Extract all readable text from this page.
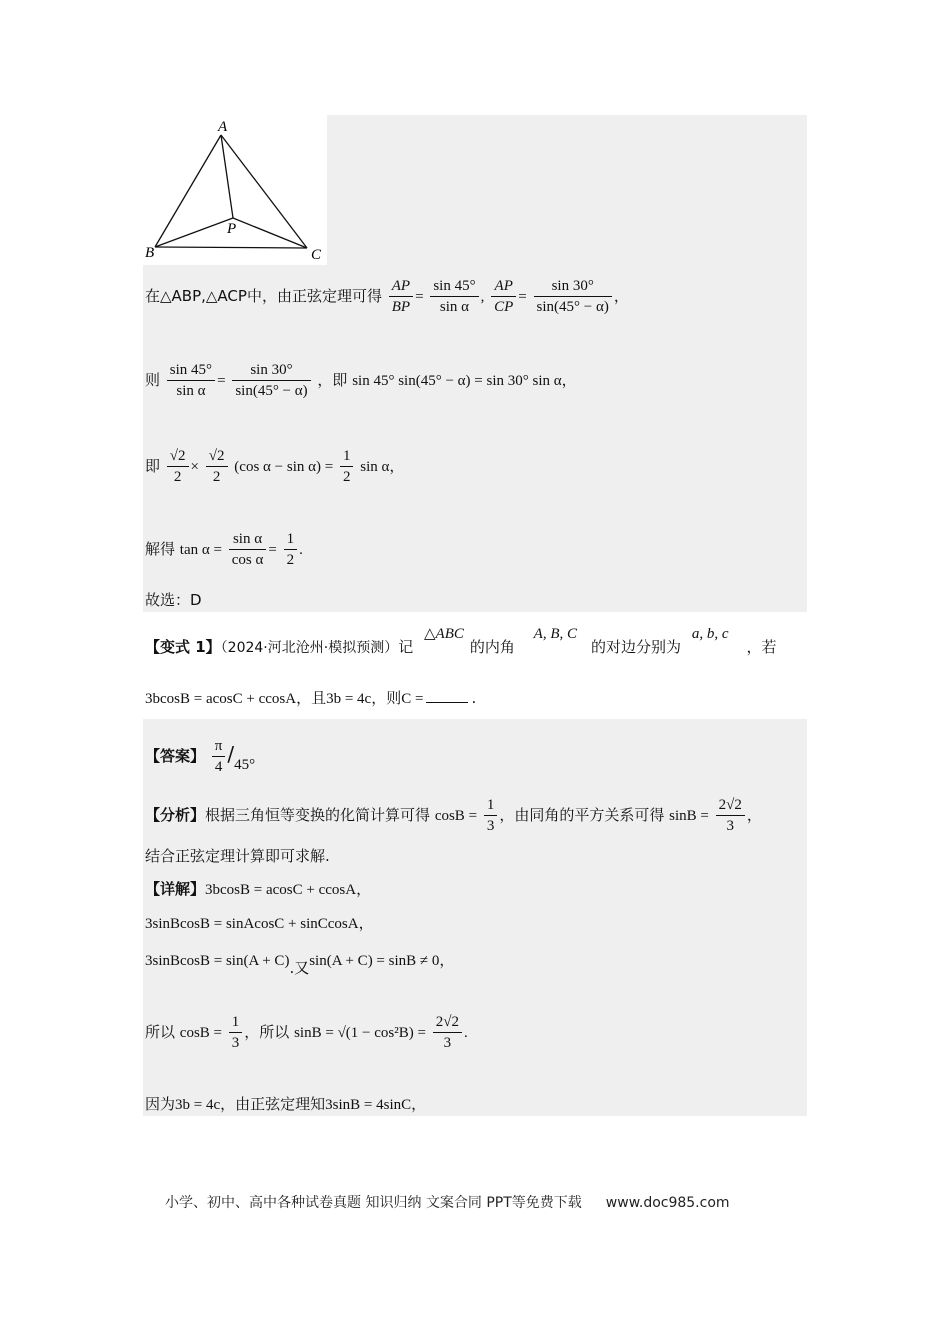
A
B	C
P
在△ABP,△ACP中，由正弦定理可得 $\frac{AP}{BP} = \frac{\sin 45^\circ}{\text{sin α}}$ , $\frac{AP}{CP} = \frac{\sin 30^\circ}{\sin(45^\circ - \alpha)}$ ，
则 $\frac{\sin 45^\circ}{\text{sin α}} = \frac{\sin 30^\circ}{\sin(45^\circ - \alpha)}$ ，即 sin 45° sin(45° − α) = sin 30° sin α，
即 $\frac{√2}{2} \times \frac{√2}{2} (\cos$ $\alpha - \sin \alpha) = \frac{1}{2}$ sin α，
解得 $\tan \alpha = \frac{\text{sin α}}{\text{cos α}} = \frac{1}{2}$ .
故选：D
【变式 1】（2024·河北沧州·模拟预测）记 △ABC的内角 A, B, C的对边分别为 a, b, c，若
3bcosB = acosC + ccosA，且3b = 4c，则C =	.
【答案】 $\frac{\pi}{4} /45^\circ$
【分析】根据三角恒等变换的化简计算可得 $\cos B = \frac{1}{3}$ ，由同角的平方关系可得 $\sin B = \frac{2√2}{3}$ ，
结合正弦定理计算即可求解.
【详解】3bcosB = acosC + ccosA，
3sinBcosB = sinAcosC + sinCcosA，
3sinBcosB = sin(A + C).又sin(A + C) = sinB ≠ 0，
所以 $\cos B = \frac{1}{3}$ ，所以 $\sin B = √(1 - \cos^2B) = \frac{2√2}{3}$ .
因为3b = 4c，由正弦定理知3sinB = 4sinC，
小学、初中、高中各种试卷真题 知识归纳 文案合同 PPT等免费下载 www.doc985.com
